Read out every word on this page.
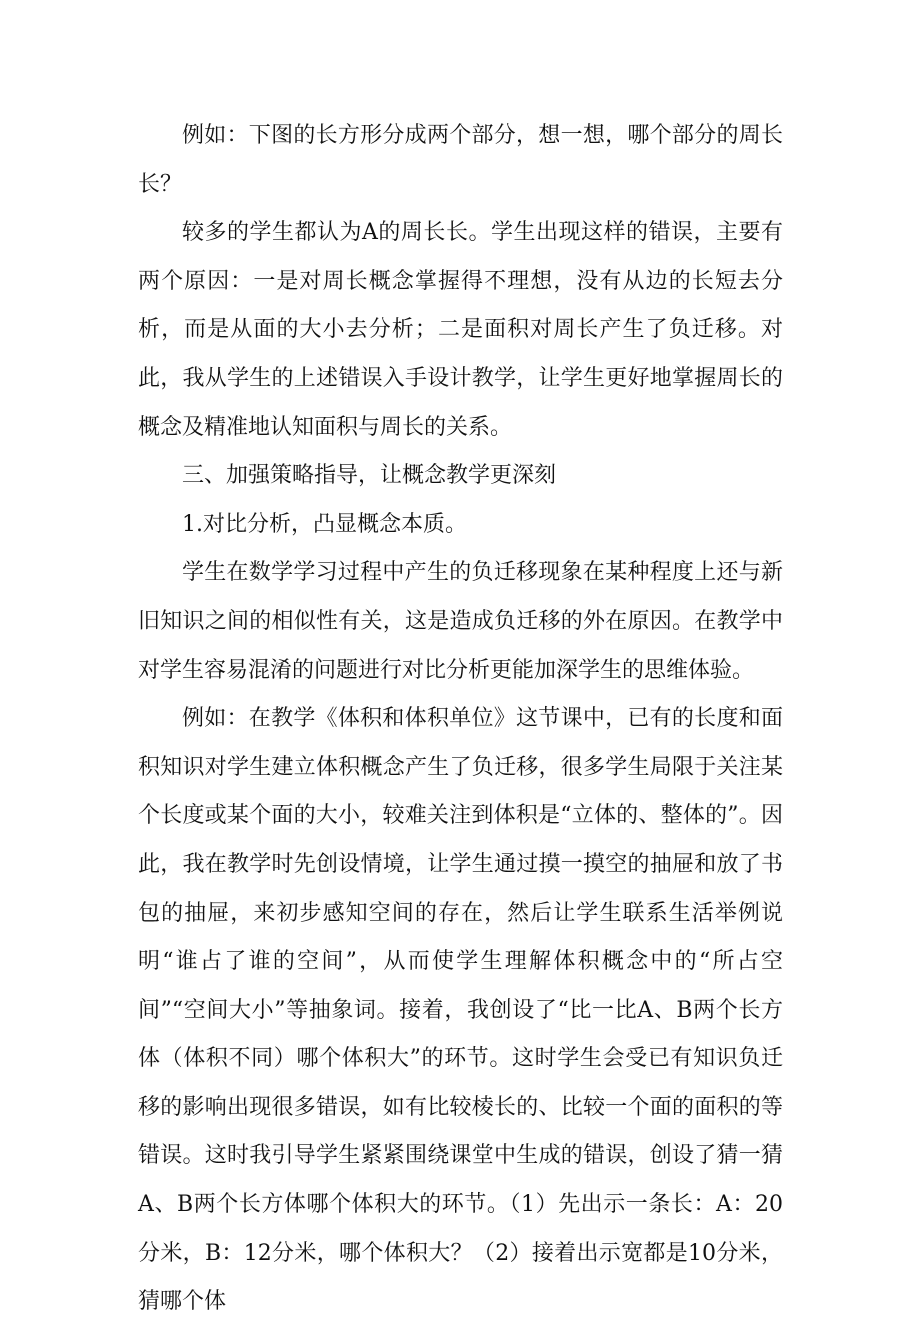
例如：下图的长方形分成两个部分，想一想，哪个部分的周长长？

较多的学生都认为A的周长长。学生出现这样的错误，主要有两个原因：一是对周长概念掌握得不理想，没有从边的长短去分析，而是从面的大小去分析；二是面积对周长产生了负迁移。对此，我从学生的上述错误入手设计教学，让学生更好地掌握周长的概念及精准地认知面积与周长的关系。

三、加强策略指导，让概念教学更深刻

1.对比分析，凸显概念本质。

学生在数学学习过程中产生的负迁移现象在某种程度上还与新旧知识之间的相似性有关，这是造成负迁移的外在原因。在教学中对学生容易混淆的问题进行对比分析更能加深学生的思维体验。

例如：在教学《体积和体积单位》这节课中，已有的长度和面积知识对学生建立体积概念产生了负迁移，很多学生局限于关注某个长度或某个面的大小，较难关注到体积是“立体的、整体的”。因此，我在教学时先创设情境，让学生通过摸一摸空的抽屉和放了书包的抽屉，来初步感知空间的存在，然后让学生联系生活举例说明“谁占了谁的空间”，从而使学生理解体积概念中的“所占空间”“空间大小”等抽象词。接着，我创设了“比一比A、B两个长方体（体积不同）哪个体积大”的环节。这时学生会受已有知识负迁移的影响出现很多错误，如有比较棱长的、比较一个面的面积的等错误。这时我引导学生紧紧围绕课堂中生成的错误，创设了猜一猜A、B两个长方体哪个体积大的环节。（1）先出示一条长：A：20分米，B：12分米，哪个体积大？（2）接着出示宽都是10分米，猜哪个体
